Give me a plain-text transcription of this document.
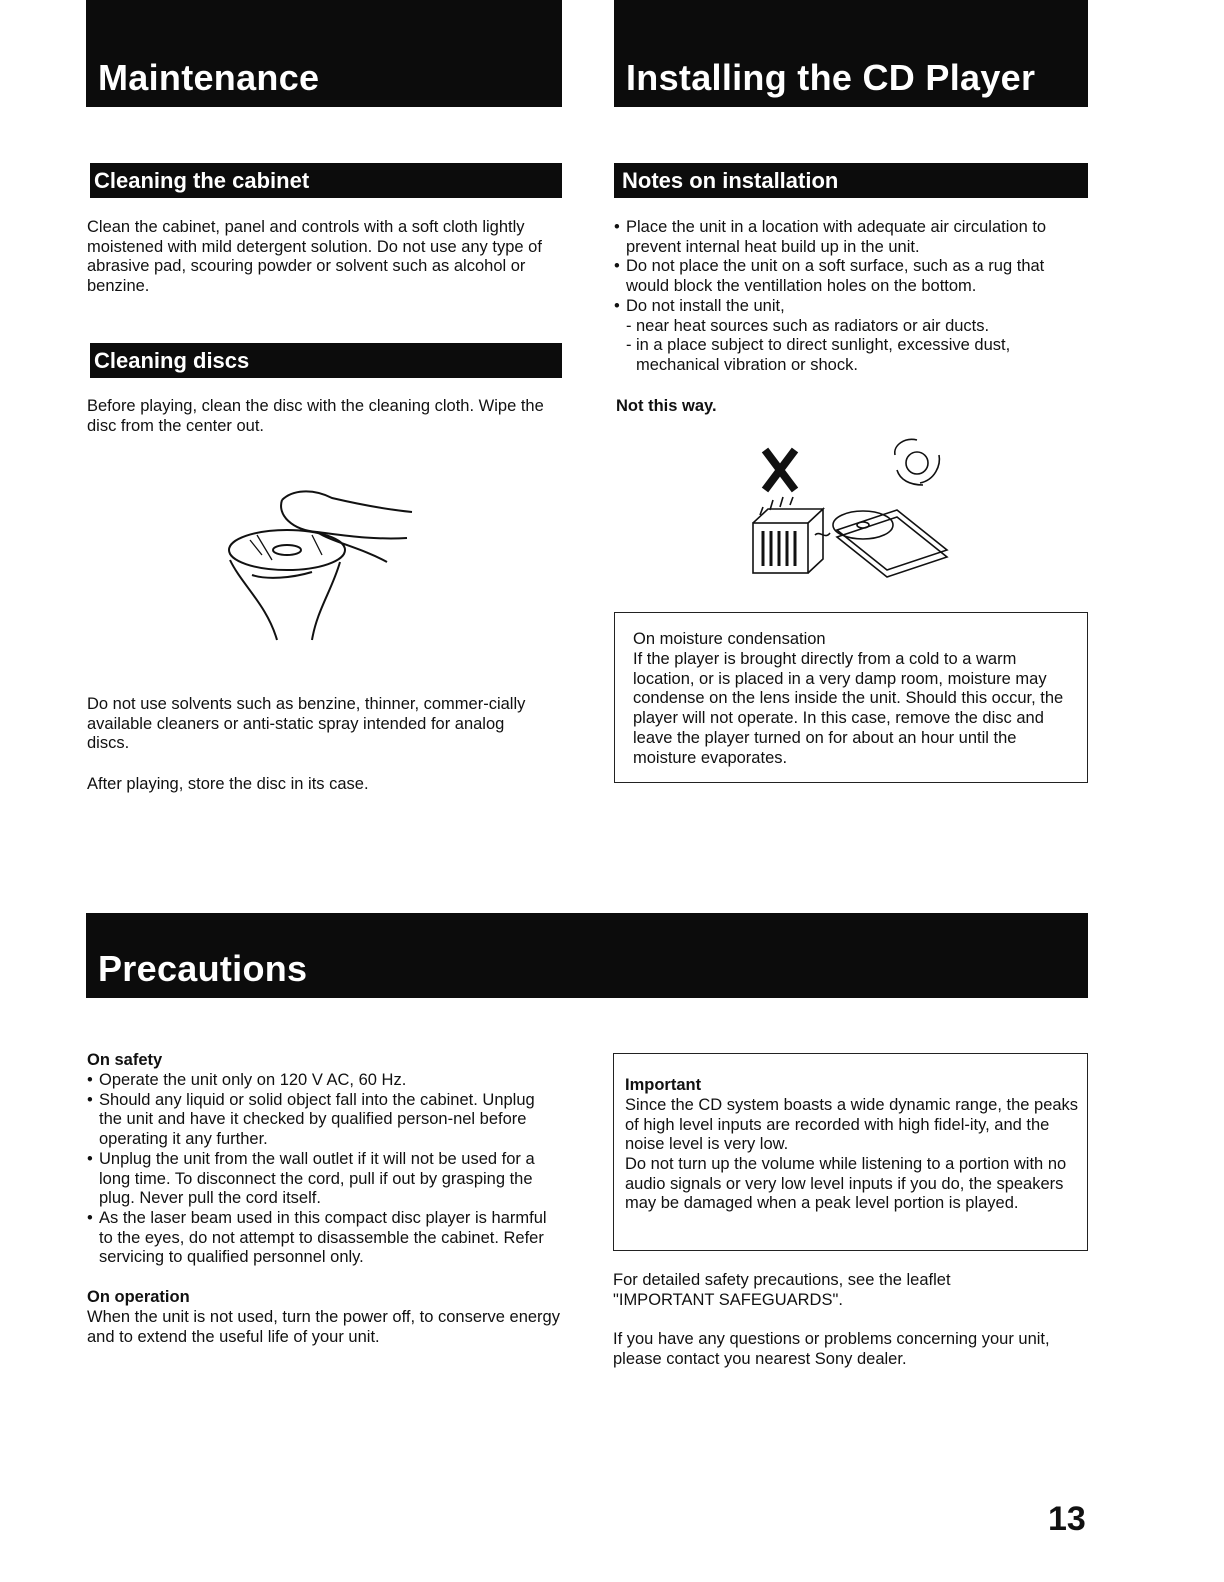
Maintenance
Cleaning the cabinet

Clean the cabinet, panel and controls with a soft cloth lightly moistened with mild detergent solution. Do not use any type of abrasive pad, scouring powder or solvent such as alcohol or benzine.

Cleaning discs

Before playing, clean the disc with the cleaning cloth. Wipe the disc from the center out.

Do not use solvents such as benzine, thinner, commer-cially available cleaners or anti-static spray intended for analog discs.

After playing, store the disc in its case.

Installing the CD Player
Notes on installation
• Place the unit in a location with adequate air circulation to prevent internal heat build up in the unit.
• Do not place the unit on a soft surface, such as a rug that would block the ventillation holes on the bottom.
• Do not install the unit,
- near heat sources such as radiators or air ducts.
- in a place subject to direct sunlight, excessive dust, mechanical vibration or shock.

Not this way.

On moisture condensation

If the player is brought directly from a cold to a warm location, or is placed in a very damp room, moisture may condense on the lens inside the unit. Should this occur, the player will not operate. In this case, remove the disc and leave the player turned on for about an hour until the moisture evaporates.

Precautions

On safety

• Operate the unit only on 120 V AC, 60 Hz.
• Should any liquid or solid object fall into the cabinet. Unplug the unit and have it checked by qualified person-nel before operating it any further.
• Unplug the unit from the wall outlet if it will not be used for a long time. To disconnect the cord, pull if out by grasping the plug. Never pull the cord itself.
• As the laser beam used in this compact disc player is harmful to the eyes, do not attempt to disassemble the cabinet. Refer servicing to qualified personnel only.

On operation

When the unit is not used, turn the power off, to conserve energy and to extend the useful life of your unit.

Important

Since the CD system boasts a wide dynamic range, the peaks of high level inputs are recorded with high fidel-ity, and the noise level is very low.

Do not turn up the volume while listening to a portion with no audio signals or very low level inputs if you do, the speakers may be damaged when a peak level portion is played.

For detailed safety precautions, see the leaflet "IMPORTANT SAFEGUARDS".

If you have any questions or problems concerning your unit, please contact you nearest Sony dealer.

13
